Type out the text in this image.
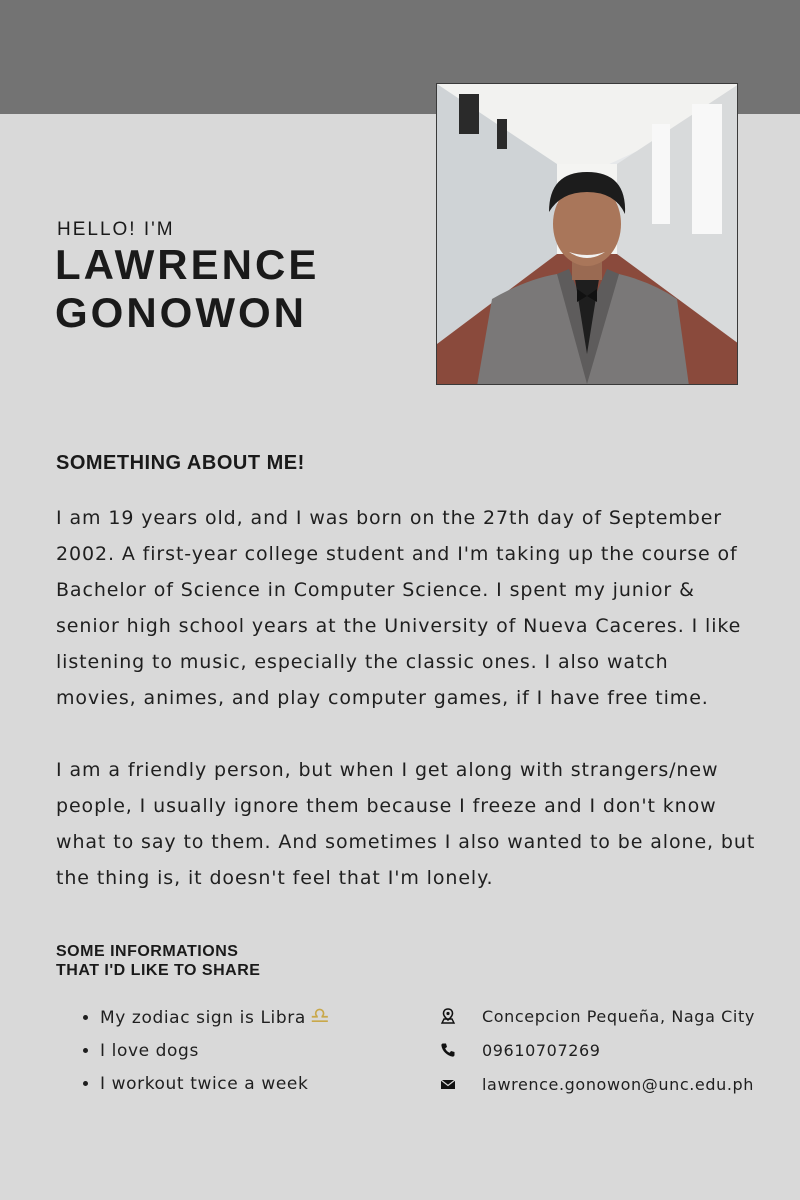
HELLO! I'M
LAWRENCE GONOWON
SOMETHING ABOUT ME!

I am 19 years old, and I was born on the 27th day of September 2002. A first-year college student and I'm taking up the course of Bachelor of Science in Computer Science. I spent my junior & senior high school years at the University of Nueva Caceres. I like listening to music, especially the classic ones. I also watch movies, animes, and play computer games, if I have free time.

I am a friendly person, but when I get along with strangers/new people, I usually ignore them because I freeze and I don't know what to say to them. And sometimes I also wanted to be alone, but the thing is, it doesn't feel that I'm lonely.

SOME INFORMATIONS
THAT I'D LIKE TO SHARE
• My zodiac sign is Libra ♎
• I love dogs
• I workout twice a week
Concepcion Pequeña, Naga City
09610707269
lawrence.gonowon@unc.edu.ph
